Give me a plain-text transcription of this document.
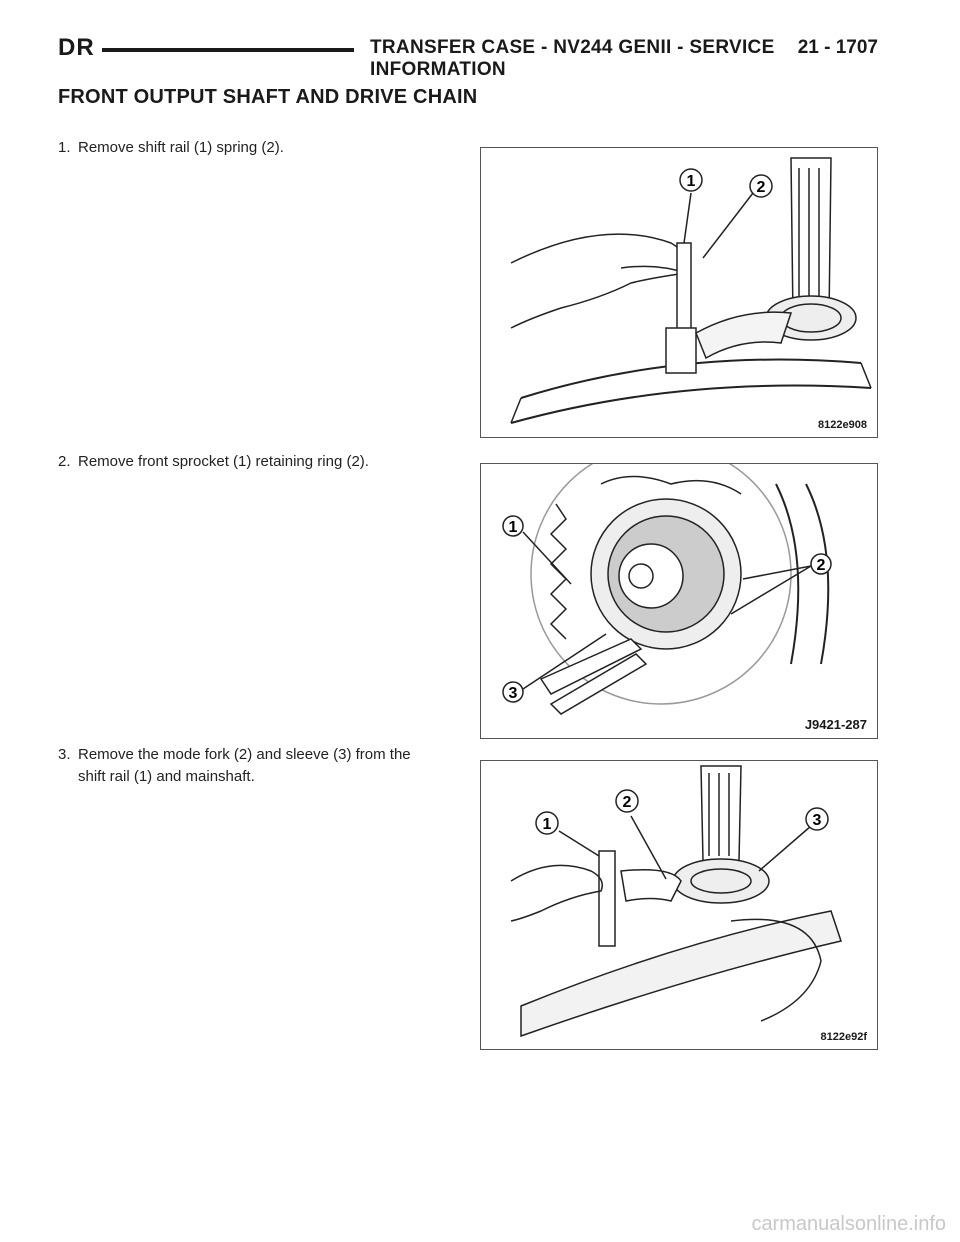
DR	TRANSFER CASE - NV244 GENII - SERVICE INFORMATION
21 - 1707
FRONT OUTPUT SHAFT AND DRIVE CHAIN
1. Remove shift rail (1) spring (2).
1	2
8122e908
2. Remove front sprocket (1) retaining ring (2).
1
2
3
J9421-287
3. Remove the mode fork (2) and sleeve (3) from the
shift rail (1) and mainshaft.
1
2
3
8122e92f
carmanualsonline.info
